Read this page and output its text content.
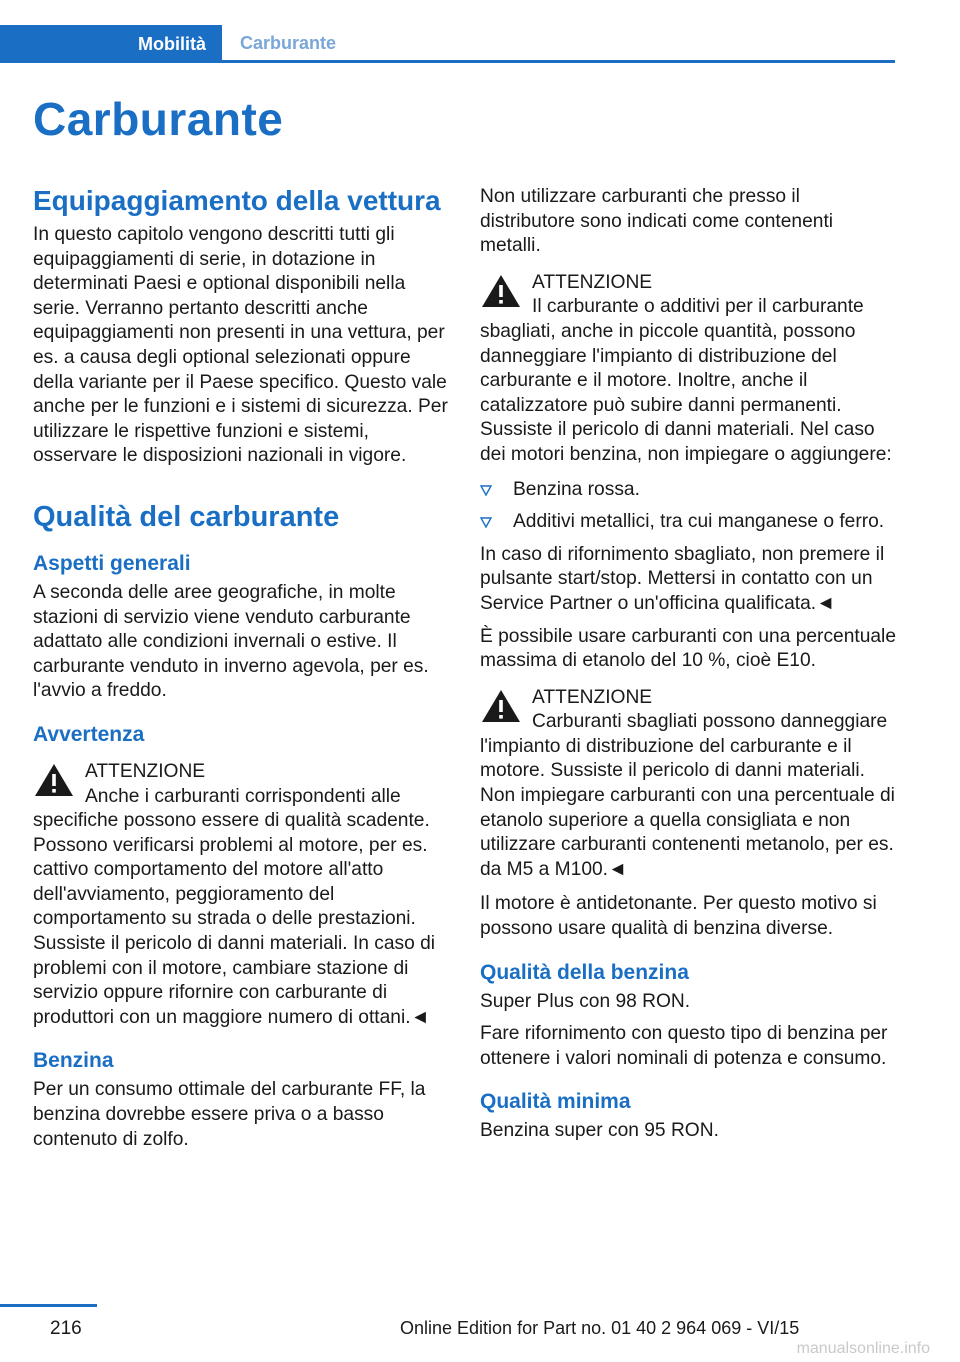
Mobilità	Carburante
Carburante
Equipaggiamento della vettura

In questo capitolo vengono descritti tutti gli equipaggiamenti di serie, in dotazione in determinati Paesi e optional disponibili nella serie. Verranno pertanto descritti anche equipaggiamenti non presenti in una vettura, per es. a causa degli optional selezionati oppure della variante per il Paese specifico. Questo vale anche per le funzioni e i sistemi di sicurezza. Per utilizzare le rispettive funzioni e sistemi, osservare le disposizioni nazionali in vigore.

Qualità del carburante
Aspetti generali

A seconda delle aree geografiche, in molte stazioni di servizio viene venduto carburante adattato alle condizioni invernali o estive. Il carburante venduto in inverno agevola, per es. l'avvio a freddo.

Avvertenza
ATTENZIONE
Anche i carburanti corrispondenti alle specifiche possono essere di qualità scadente. Possono verificarsi problemi al motore, per es. cattivo comportamento del motore all'atto dell'avviamento, peggioramento del comportamento su strada o delle prestazioni. Sussiste il pericolo di danni materiali. In caso di problemi con il motore, cambiare stazione di servizio oppure rifornire con carburante di produttori con un maggiore numero di ottani.◄
Benzina

Per un consumo ottimale del carburante FF, la benzina dovrebbe essere priva o a basso contenuto di zolfo.

Non utilizzare carburanti che presso il distributore sono indicati come contenenti metalli.

ATTENZIONE
Il carburante o additivi per il carburante sbagliati, anche in piccole quantità, possono danneggiare l'impianto di distribuzione del carburante e il motore. Inoltre, anche il catalizzatore può subire danni permanenti. Sussiste il pericolo di danni materiali. Nel caso dei motori benzina, non impiegare o aggiungere:
Benzina rossa.
Additivi metallici, tra cui manganese o ferro.

In caso di rifornimento sbagliato, non premere il pulsante start/stop. Mettersi in contatto con un Service Partner o un'officina qualificata.◄

È possibile usare carburanti con una percentuale massima di etanolo del 10 %, cioè E10.

ATTENZIONE
Carburanti sbagliati possono danneggiare l'impianto di distribuzione del carburante e il motore. Sussiste il pericolo di danni materiali. Non impiegare carburanti con una percentuale di etanolo superiore a quella consigliata e non utilizzare carburanti contenenti metanolo, per es. da M5 a M100.◄

Il motore è antidetonante. Per questo motivo si possono usare qualità di benzina diverse.

Qualità della benzina

Super Plus con 98 RON.

Fare rifornimento con questo tipo di benzina per ottenere i valori nominali di potenza e consumo.

Qualità minima

Benzina super con 95 RON.

216	Online Edition for Part no. 01 40 2 964 069 - VI/15
manualsonline.info
